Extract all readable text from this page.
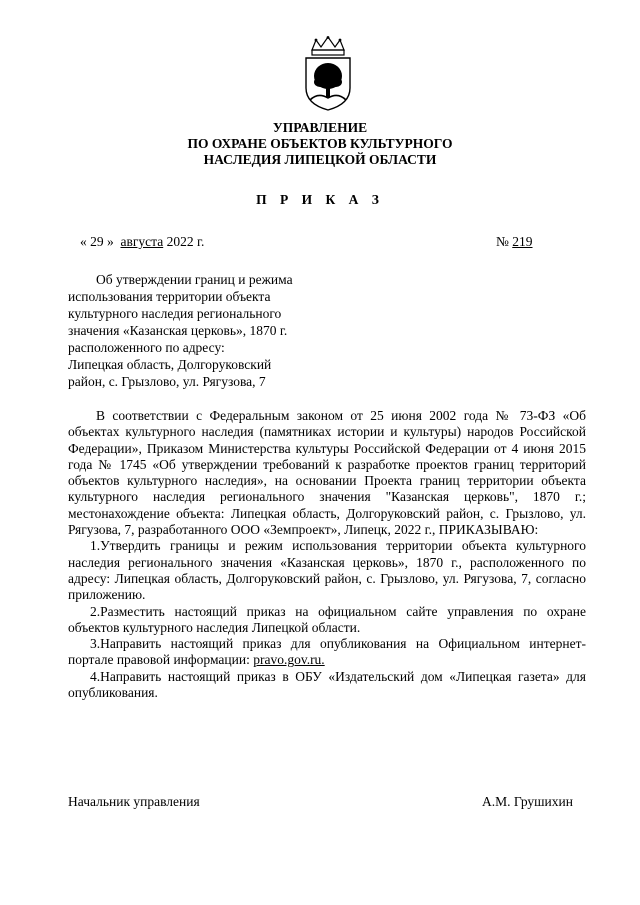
УПРАВЛЕНИЕ
ПО ОХРАНЕ ОБЪЕКТОВ КУЛЬТУРНОГО
НАСЛЕДИЯ ЛИПЕЦКОЙ ОБЛАСТИ
П Р И К А З
« 29 » августа 2022 г.	№ 219
Об утверждении границ и режима
использования территории объекта
культурного наследия регионального
значения «Казанская церковь», 1870 г.
расположенного по адресу:
Липецкая область, Долгоруковский
район, с. Грызлово, ул. Рягузова, 7

В соответствии с Федеральным законом от 25 июня 2002 года № 73-ФЗ «Об объектах культурного наследия (памятниках истории и культуры) народов Российской Федерации», Приказом Министерства культуры Российской Федерации от 4 июня 2015 года № 1745 «Об утверждении требований к разработке проектов границ территорий объектов культурного наследия», на основании Проекта границ территории объекта культурного наследия регионального значения "Казанская церковь", 1870 г.; местонахождение объекта: Липецкая область, Долгоруковский район, с. Грызлово, ул. Рягузова, 7, разработанного ООО «Земпроект», Липецк, 2022 г., ПРИКАЗЫВАЮ:

1.Утвердить границы и режим использования территории объекта культурного наследия регионального значения «Казанская церковь», 1870 г., расположенного по адресу: Липецкая область, Долгоруковский район, с. Грызлово, ул. Рягузова, 7, согласно приложению.

2.Разместить настоящий приказ на официальном сайте управления по охране объектов культурного наследия Липецкой области.

3.Направить настоящий приказ для опубликования на Официальном интернет-портале правовой информации: pravo.gov.ru.

4.Направить настоящий приказ в ОБУ «Издательский дом «Липецкая газета» для опубликования.

Начальник управления	А.М. Грушихин
